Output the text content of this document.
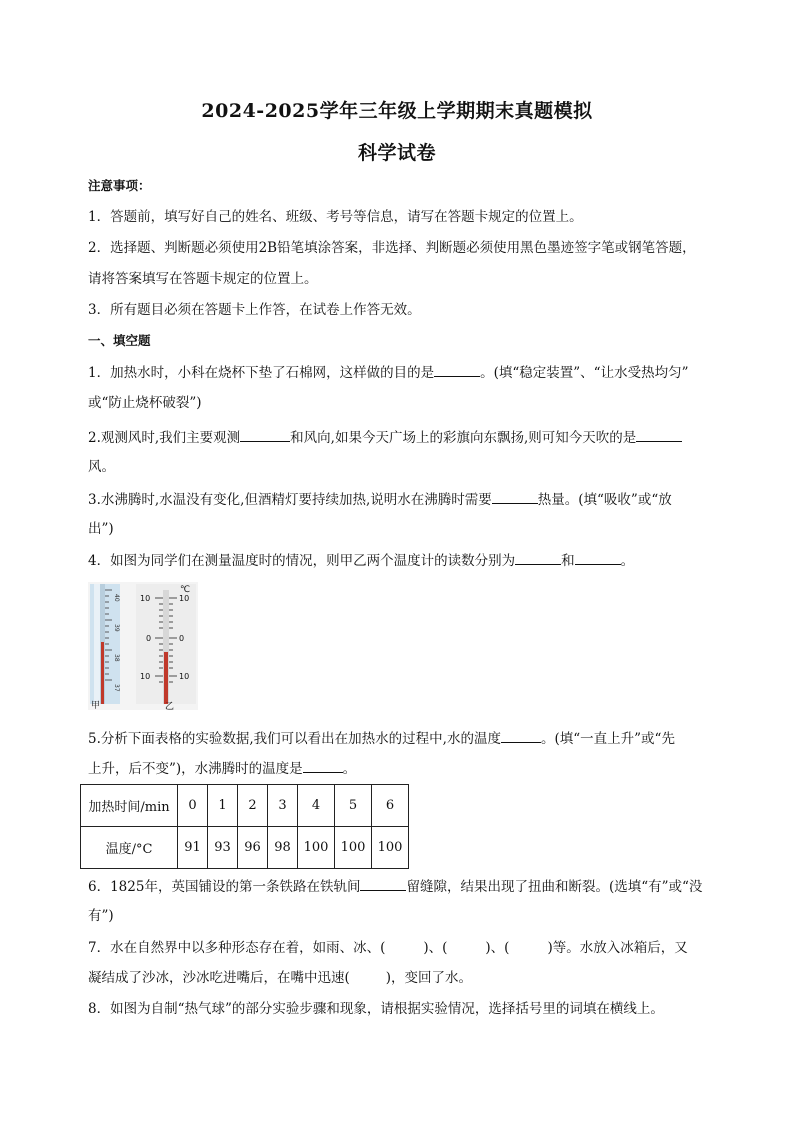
2024-2025学年三年级上学期期末真题模拟
科学试卷
注意事项：
1．答题前，填写好自己的姓名、班级、考号等信息，请写在答题卡规定的位置上。
2．选择题、判断题必须使用2B铅笔填涂答案，非选择、判断题必须使用黑色墨迹签字笔或钢笔答题，
请将答案填写在答题卡规定的位置上。
3．所有题目必须在答题卡上作答，在试卷上作答无效。
一、填空题
1．加热水时，小科在烧杯下垫了石棉网，这样做的目的是	。(填“稳定装置”、“让水受热均匀”
或“防止烧杯破裂”)
2.观测风时,我们主要观测	和风向,如果今天广场上的彩旗向东飘扬,则可知今天吹的是
风。
3.水沸腾时,水温没有变化,但酒精灯要持续加热,说明水在沸腾时需要	热量。(填“吸收”或“放
出”)
4．如图为同学们在测量温度时的情况，则甲乙两个温度计的读数分别为	和	。
40
39
38
37
℃
10	10
0	0
10	10
甲	乙
5.分析下面表格的实验数据,我们可以看出在加热水的过程中,水的温度	。(填“一直上升”或“先
上升，后不变”)，水沸腾时的温度是	。
加热时间/min	0	1	2	3	4	5	6
温度/°C	91	93	96	98	100	100	100
6．1825年，英国铺设的第一条铁路在铁轨间	留缝隙，结果出现了扭曲和断裂。(选填“有”或“没
有”)
7．水在自然界中以多种形态存在着，如雨、冰、(	)、(	)、(	)等。水放入冰箱后，又
凝结成了沙冰，沙冰吃进嘴后，在嘴中迅速(	)，变回了水。
8．如图为自制“热气球”的部分实验步骤和现象，请根据实验情况，选择括号里的词填在横线上。
